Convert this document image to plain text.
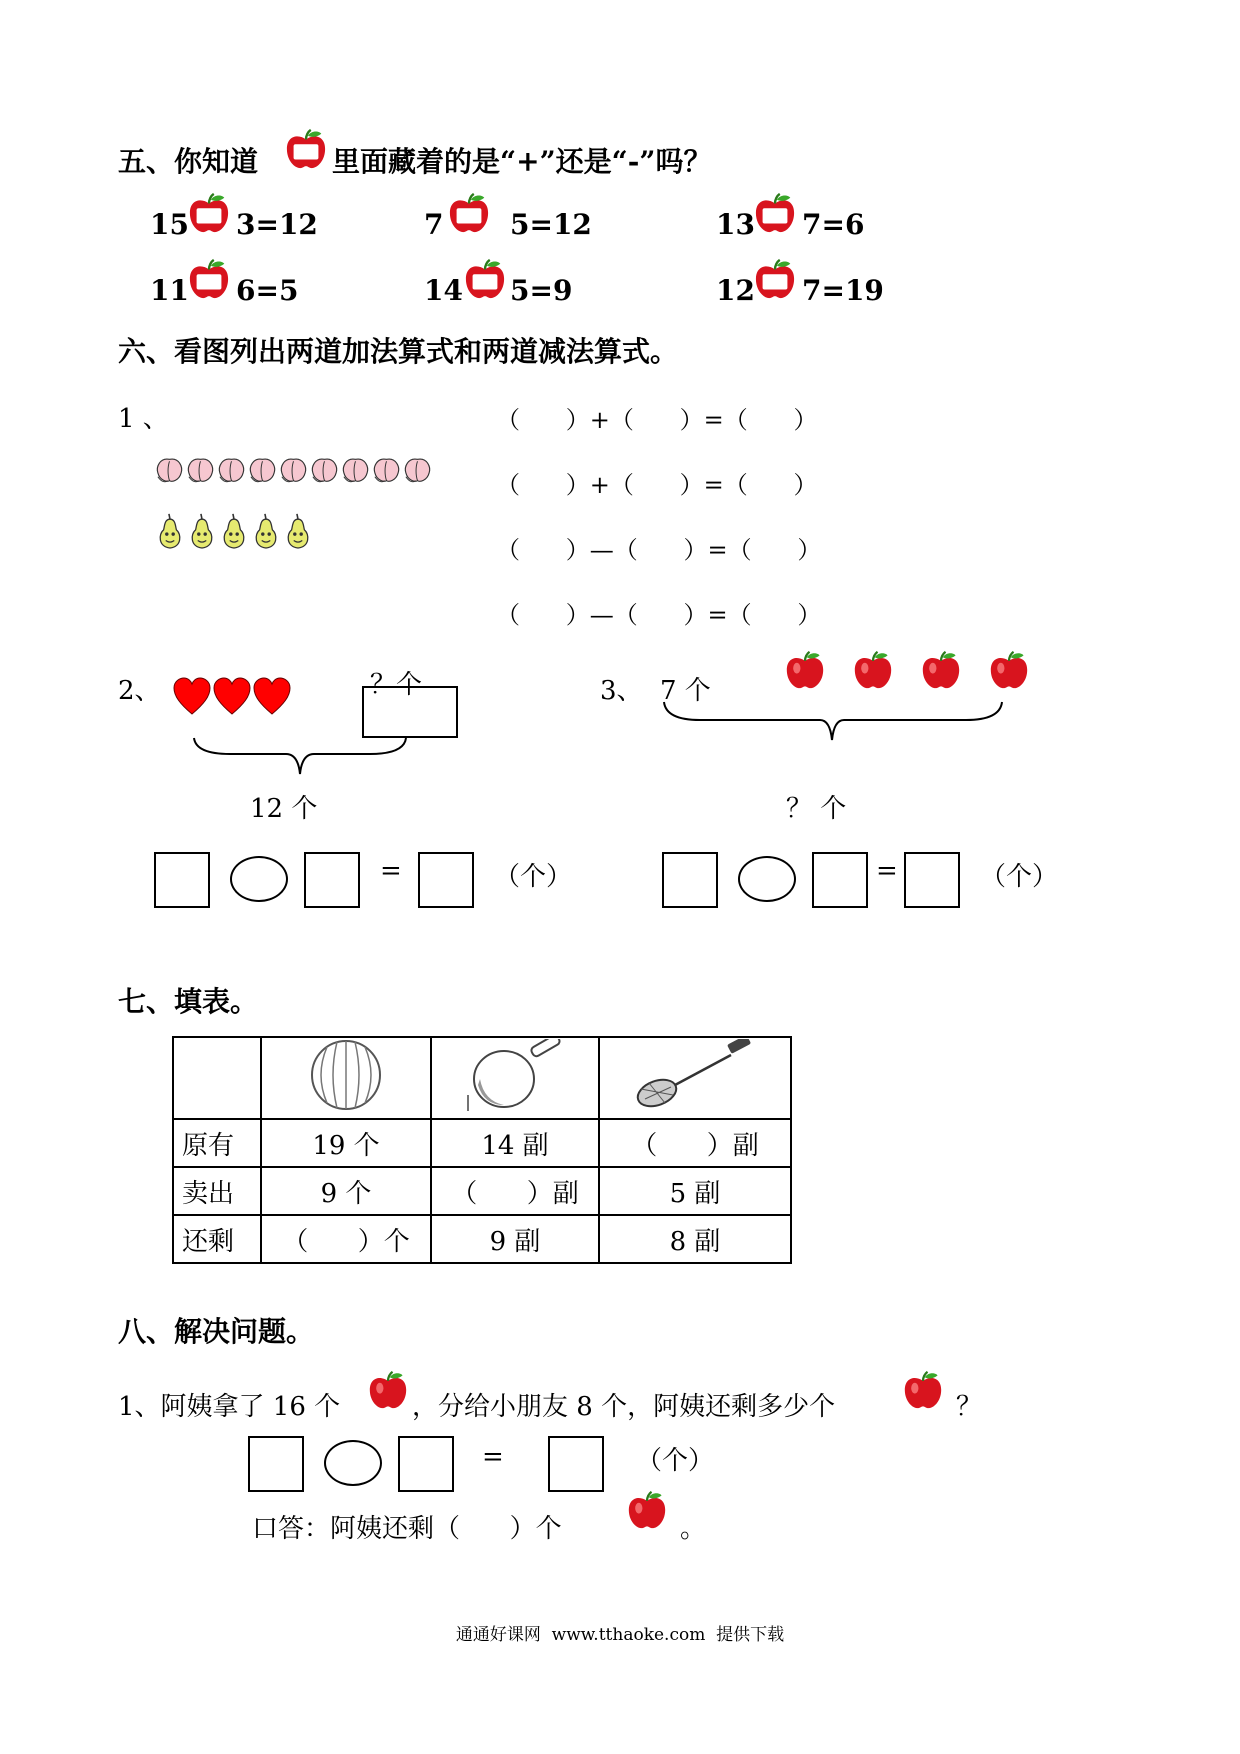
五、你知道	里面藏着的是“+”还是“-”吗？
15 3=12	7 5=12	13 7=6
11 6=5	14 5=9	12 7=19
六、看图列出两道加法算式和两道减法算式。
1 、	（      ）+（      ）=（      ）
（      ）+（      ）=（      ）
（      ）—（      ）=（      ）
（      ）—（      ）=（      ）
2、	？个
12 个
=	（个）
3、 7 个
？ 个
=	（个）
七、填表。

原有	19 个	14 副	（      ）副
卖出	9 个	（      ）副	5 副
还剩	（      ）个	9 副	8 副
八、解决问题。
1、阿姨拿了 16 个	，分给小朋友 8 个，阿姨还剩多少个	？
=	（个）
口答：阿姨还剩（      ）个	。
通通好课网  www.tthaoke.com  提供下载
